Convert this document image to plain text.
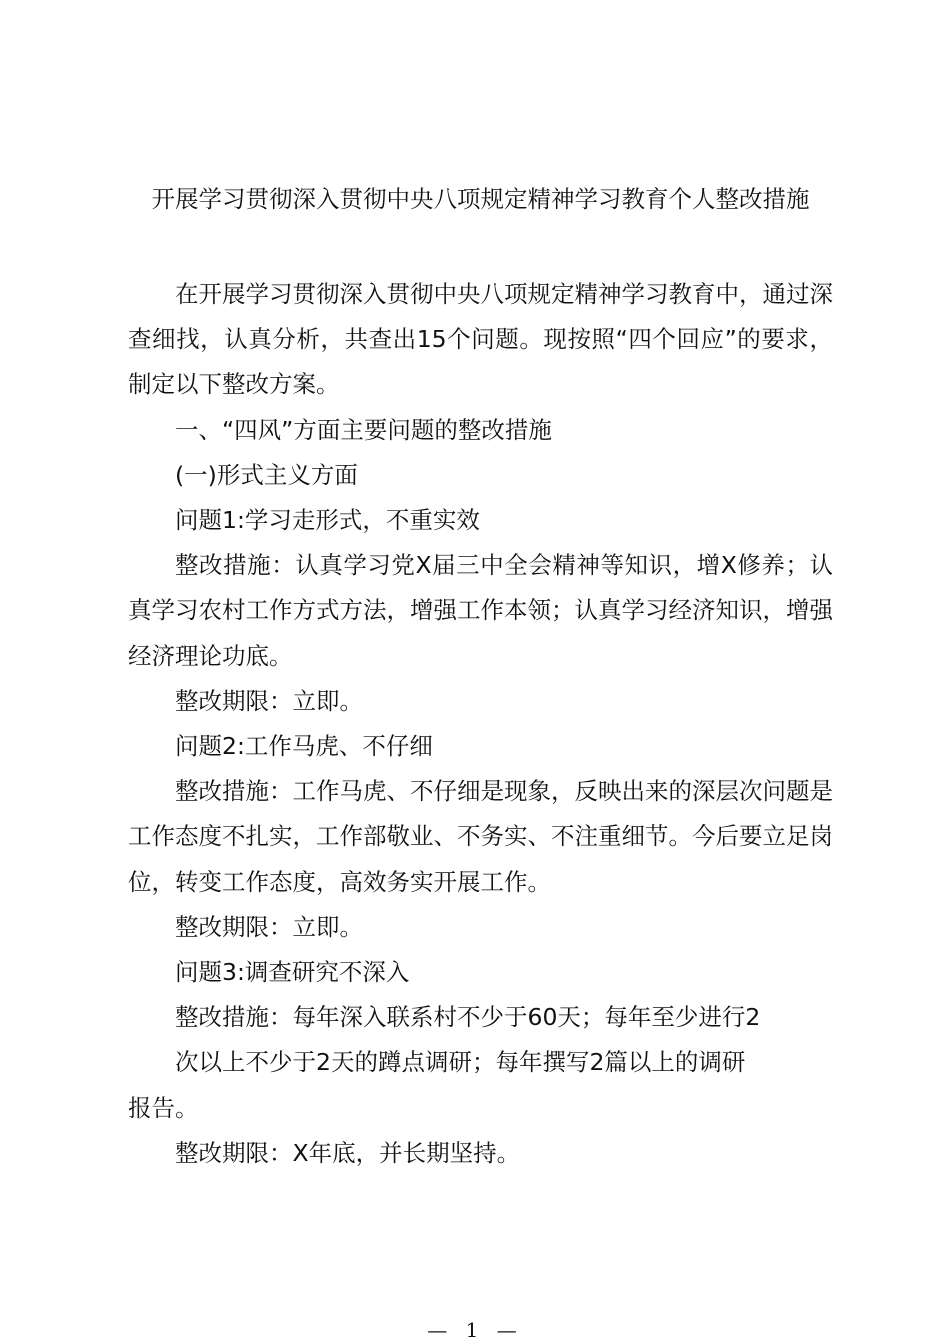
开展学习贯彻深入贯彻中央八项规定精神学习教育个人整改措施

在开展学习贯彻深入贯彻中央八项规定精神学习教育中，通过深查细找，认真分析，共查出15个问题。现按照“四个回应”的要求，制定以下整改方案。

一、“四风”方面主要问题的整改措施

(一)形式主义方面

问题1:学习走形式，不重实效

整改措施：认真学习党X届三中全会精神等知识，增X修养；认真学习农村工作方式方法，增强工作本领；认真学习经济知识，增强经济理论功底。

整改期限：立即。

问题2:工作马虎、不仔细

整改措施：工作马虎、不仔细是现象，反映出来的深层次问题是工作态度不扎实，工作部敬业、不务实、不注重细节。今后要立足岗位，转变工作态度，高效务实开展工作。

整改期限：立即。

问题3:调查研究不深入

整改措施：每年深入联系村不少于60天；每年至少进行2

次以上不少于2天的蹲点调研；每年撰写2篇以上的调研

报告。

整改期限：X年底，并长期坚持。

— 1 —
